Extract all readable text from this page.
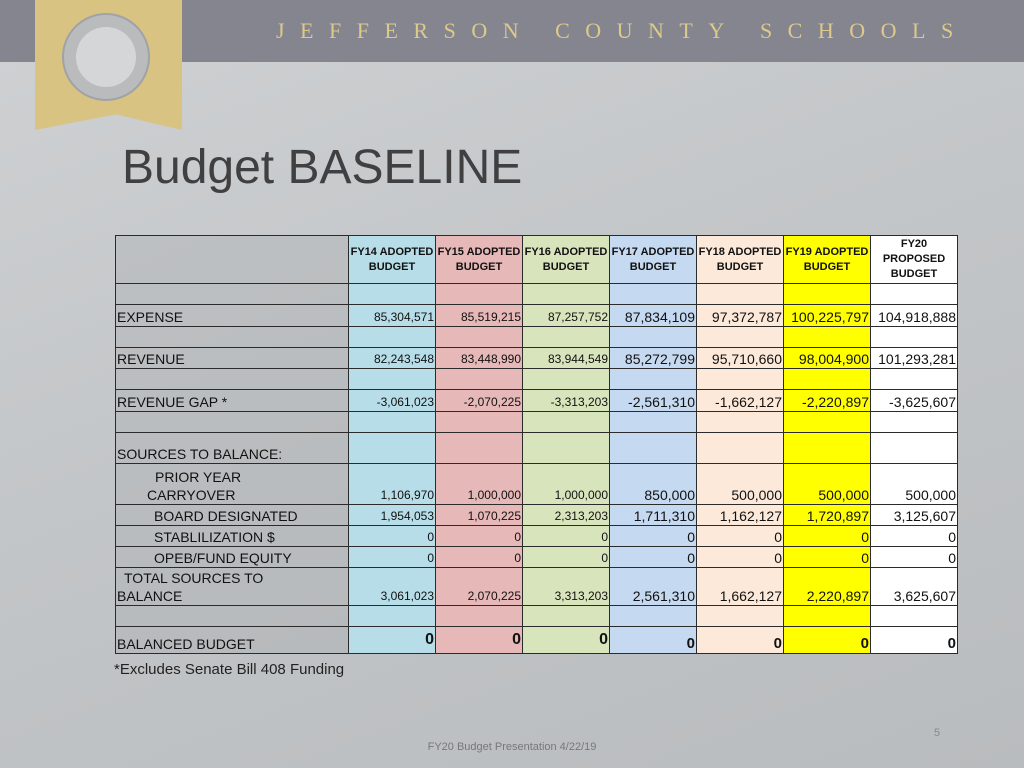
JEFFERSON COUNTY SCHOOLS
Budget BASELINE
	FY14 ADOPTED BUDGET	FY15 ADOPTED BUDGET	FY16 ADOPTED BUDGET	FY17 ADOPTED BUDGET	FY18 ADOPTED BUDGET	FY19 ADOPTED BUDGET	FY20 PROPOSED BUDGET

EXPENSE	85,304,571	85,519,215	87,257,752	87,834,109	97,372,787	100,225,797	104,918,888

REVENUE	82,243,548	83,448,990	83,944,549	85,272,799	95,710,660	98,004,900	101,293,281

REVENUE GAP *	-3,061,023	-2,070,225	-3,313,203	-2,561,310	-1,662,127	-2,220,897	-3,625,607

SOURCES TO BALANCE:							

PRIOR YEAR
CARRYOVER	1,106,970	1,000,000	1,000,000	850,000	500,000	500,000	500,000
BOARD DESIGNATED	1,954,053	1,070,225	2,313,203	1,711,310	1,162,127	1,720,897	3,125,607
STABLILIZATION $	0	0	0	0	0	0	0
OPEB/FUND EQUITY	0	0	0	0	0	0	0

TOTAL SOURCES TO
BALANCE	3,061,023	2,070,225	3,313,203	2,561,310	1,662,127	2,220,897	3,625,607

BALANCED BUDGET	0	0	0	0	0	0	0
*Excludes Senate Bill 408 Funding
FY20 Budget Presentation 4/22/19
5
